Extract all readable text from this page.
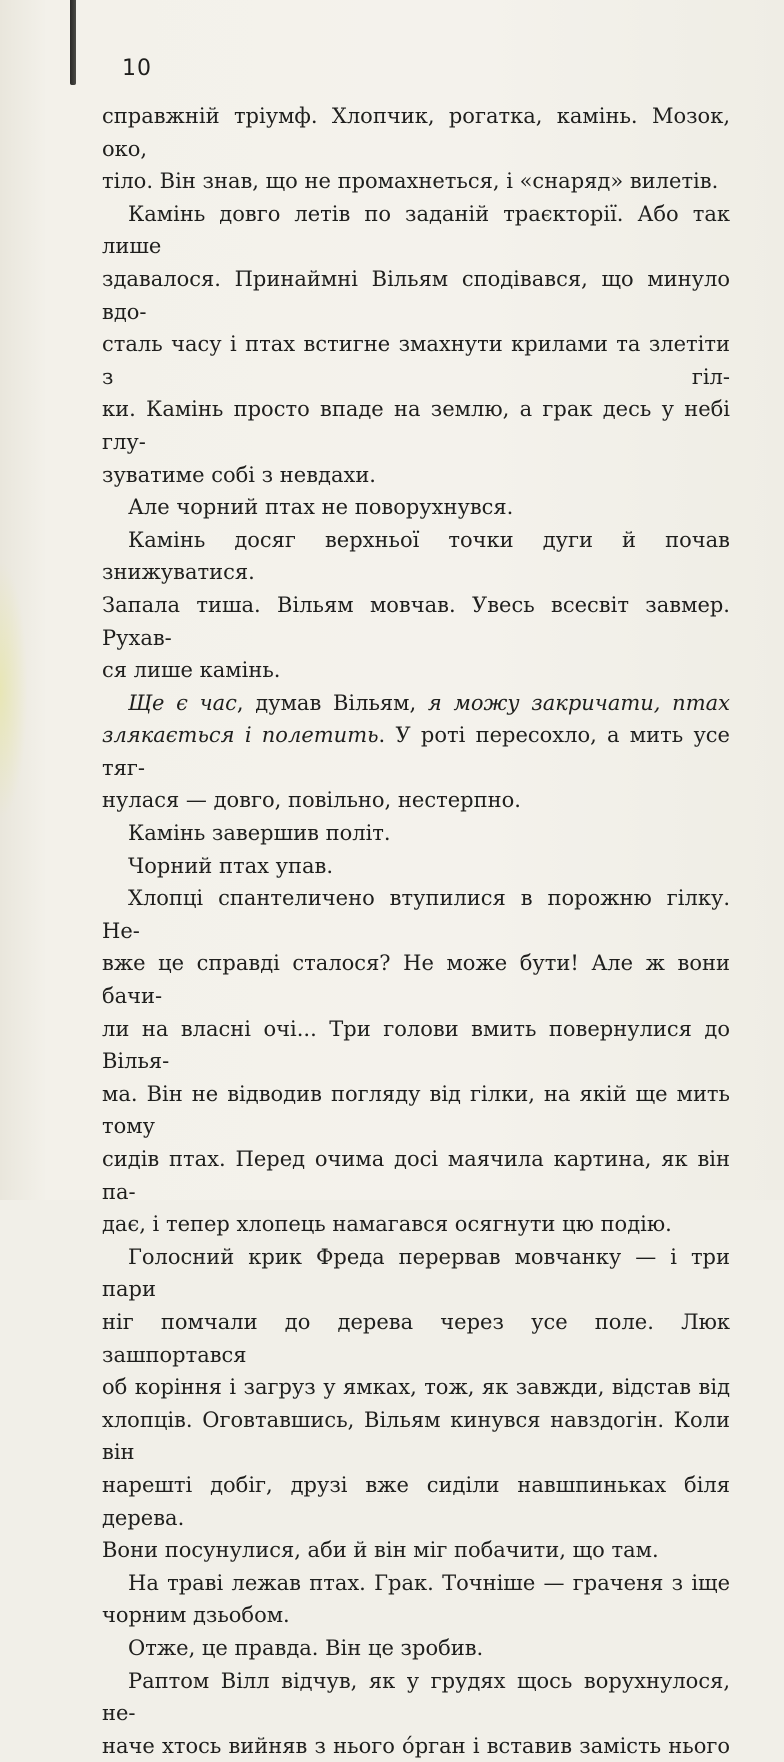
10

справжній тріумф. Хлопчик, рогатка, камінь. Мозок, око,

тіло. Він знав, що не промахнеться, і «снаряд» вилетів.

Камінь довго летів по заданій траєкторії. Або так лише

здавалося. Принаймні Вільям сподівався, що минуло вдо-

сталь часу і птах встигне змахнути крилами та злетіти з гіл-

ки. Камінь просто впаде на землю, а грак десь у небі глу-

зуватиме собі з невдахи.

Але чорний птах не поворухнувся.

Камінь досяг верхньої точки дуги й почав знижуватися.

Запала тиша. Вільям мовчав. Увесь всесвіт завмер. Рухав-

ся лише камінь.

Ще є час, думав Вільям, я можу закричати, птах

злякається і полетить. У роті пересохло, а мить усе тяг-

нулася — довго, повільно, нестерпно.

Камінь завершив політ.

Чорний птах упав.

Хлопці спантеличено втупилися в порожню гілку. Не-

вже це справді сталося? Не може бути! Але ж вони бачи-

ли на власні очі... Три голови вмить повернулися до Вілья-

ма. Він не відводив погляду від гілки, на якій ще мить тому

сидів птах. Перед очима досі маячила картина, як він па-

дає, і тепер хлопець намагався осягнути цю подію.

Голосний крик Фреда перервав мовчанку — і три пари

ніг помчали до дерева через усе поле. Люк зашпортався

об коріння і загруз у ямках, тож, як завжди, відстав від

хлопців. Оговтавшись, Вільям кинувся навздогін. Коли він

нарешті добіг, друзі вже сиділи навшпиньках біля дерева.

Вони посунулися, аби й він міг побачити, що там.

На траві лежав птах. Грак. Точніше — граченя з іще

чорним дзьобом.

Отже, це правда. Він це зробив.

Раптом Вілл відчув, як у грудях щось ворухнулося, не-

наче хтось вийняв з нього óрган і вставив замість нього
